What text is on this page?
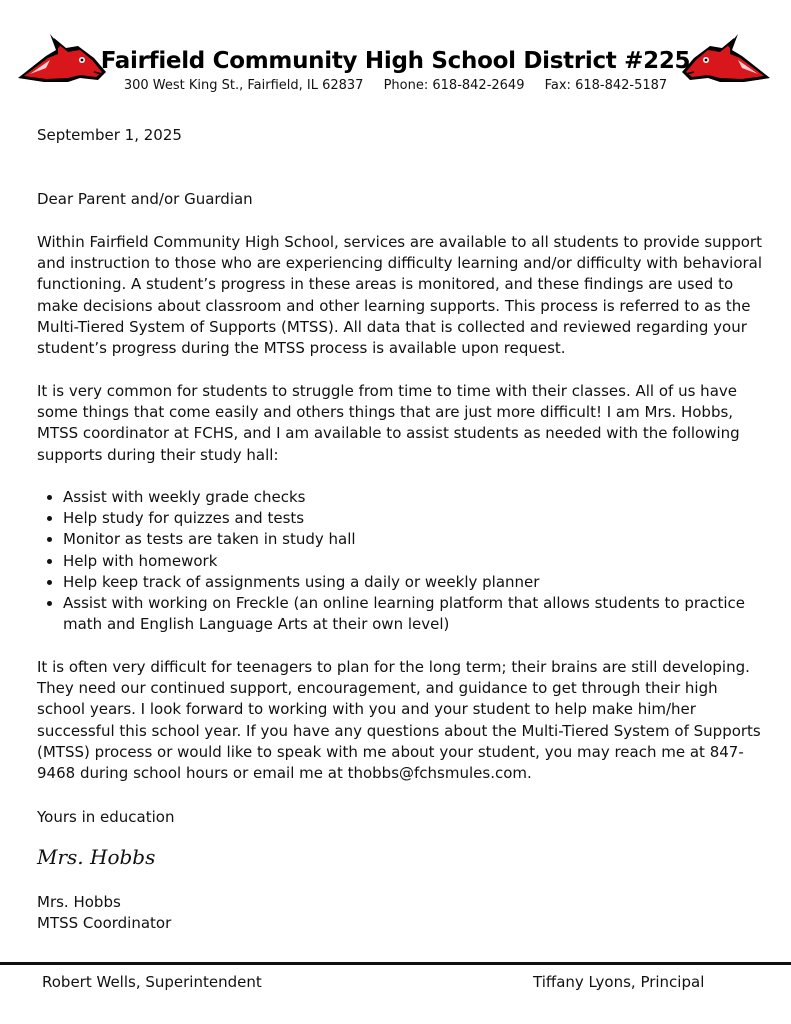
Fairfield Community High School District #225
300 West King St., Fairfield, IL 62837 Phone: 618-842-2649 Fax: 618-842-5187
September 1, 2025
Dear Parent and/or Guardian

Within Fairfield Community High School, services are available to all students to provide support and instruction to those who are experiencing difficulty learning and/or difficulty with behavioral functioning. A student’s progress in these areas is monitored, and these findings are used to make decisions about classroom and other learning supports. This process is referred to as the Multi-Tiered System of Supports (MTSS). All data that is collected and reviewed regarding your student’s progress during the MTSS process is available upon request.

It is very common for students to struggle from time to time with their classes. All of us have some things that come easily and others things that are just more difficult! I am Mrs. Hobbs, MTSS coordinator at FCHS, and I am available to assist students as needed with the following supports during their study hall:

• Assist with weekly grade checks
• Help study for quizzes and tests
• Monitor as tests are taken in study hall
• Help with homework
• Help keep track of assignments using a daily or weekly planner
• Assist with working on Freckle (an online learning platform that allows students to practice math and English Language Arts at their own level)

It is often very difficult for teenagers to plan for the long term; their brains are still developing. They need our continued support, encouragement, and guidance to get through their high school years. I look forward to working with you and your student to help make him/her successful this school year. If you have any questions about the Multi-Tiered System of Supports (MTSS) process or would like to speak with me about your student, you may reach me at 847-9468 during school hours or email me at thobbs@fchsmules.com.

Yours in education
Mrs. Hobbs
Mrs. Hobbs
MTSS Coordinator
Robert Wells, Superintendent	Tiffany Lyons, Principal
